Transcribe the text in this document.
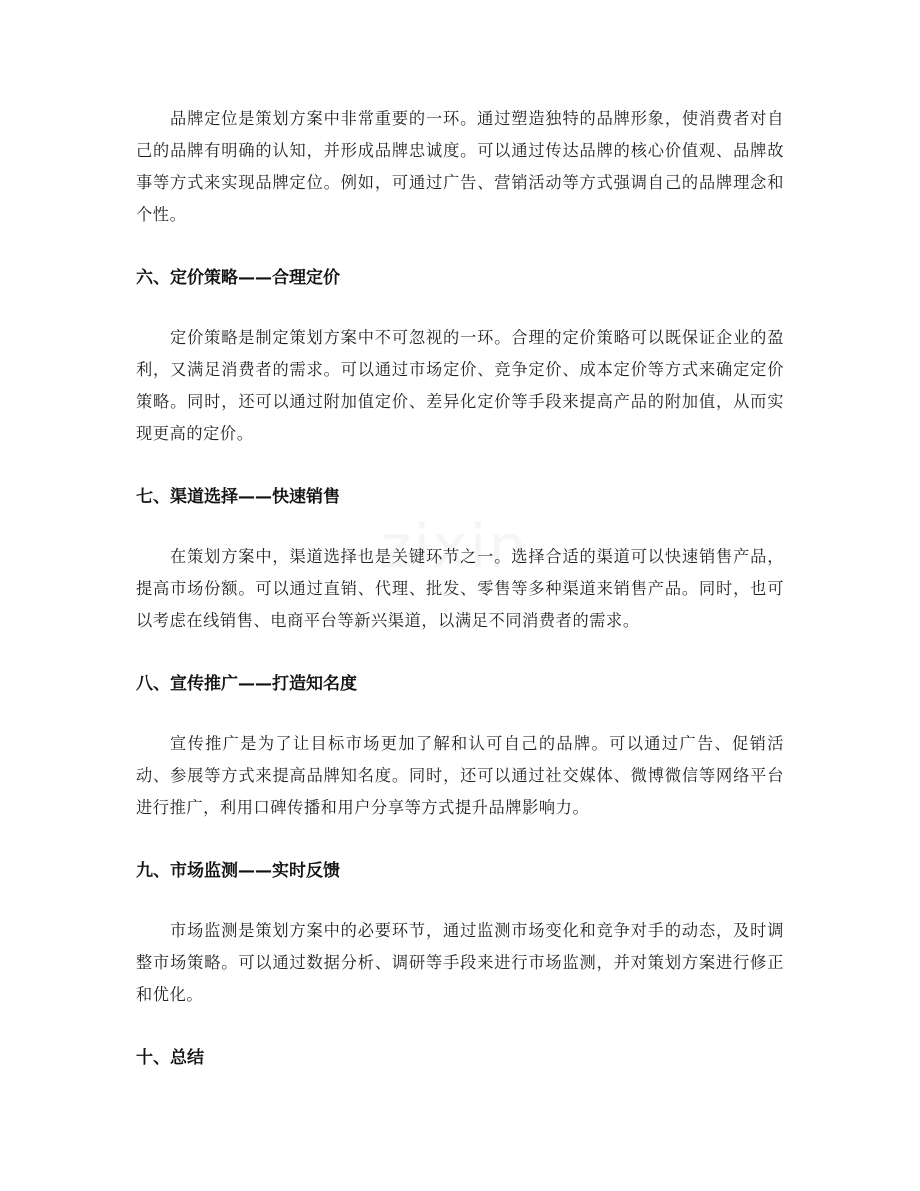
zixin

品牌定位是策划方案中非常重要的一环。通过塑造独特的品牌形象，使消费者对自己的品牌有明确的认知，并形成品牌忠诚度。可以通过传达品牌的核心价值观、品牌故事等方式来实现品牌定位。例如，可通过广告、营销活动等方式强调自己的品牌理念和个性。

六、定价策略——合理定价

定价策略是制定策划方案中不可忽视的一环。合理的定价策略可以既保证企业的盈利，又满足消费者的需求。可以通过市场定价、竞争定价、成本定价等方式来确定定价策略。同时，还可以通过附加值定价、差异化定价等手段来提高产品的附加值，从而实现更高的定价。

七、渠道选择——快速销售

在策划方案中，渠道选择也是关键环节之一。选择合适的渠道可以快速销售产品，提高市场份额。可以通过直销、代理、批发、零售等多种渠道来销售产品。同时，也可以考虑在线销售、电商平台等新兴渠道，以满足不同消费者的需求。

八、宣传推广——打造知名度

宣传推广是为了让目标市场更加了解和认可自己的品牌。可以通过广告、促销活动、参展等方式来提高品牌知名度。同时，还可以通过社交媒体、微博微信等网络平台进行推广，利用口碑传播和用户分享等方式提升品牌影响力。

九、市场监测——实时反馈

市场监测是策划方案中的必要环节，通过监测市场变化和竞争对手的动态，及时调整市场策略。可以通过数据分析、调研等手段来进行市场监测，并对策划方案进行修正和优化。

十、总结
